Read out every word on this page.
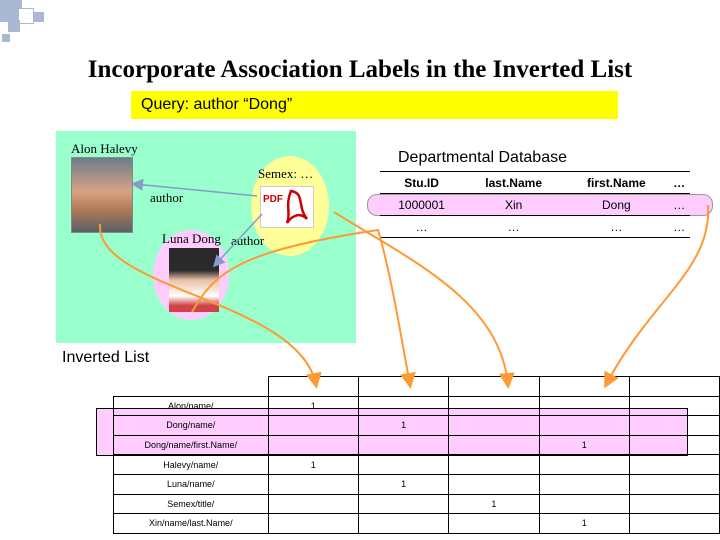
Incorporate Association Labels in the Inverted List
Query: author “Dong”
Alon Halevy
Semex: …
PDF
author
Luna Dong author
Departmental Database
Stu.ID	last.Name	first.Name	…
1000001	Xin	Dong	…
…	…	…	…
Inverted List

Alon/name/	1				
Dong/name/		1			
Dong/name/first.Name/				1	
Halevy/name/	1				
Luna/name/		1			
Semex/title/			1		
Xin/name/last.Name/				1	
